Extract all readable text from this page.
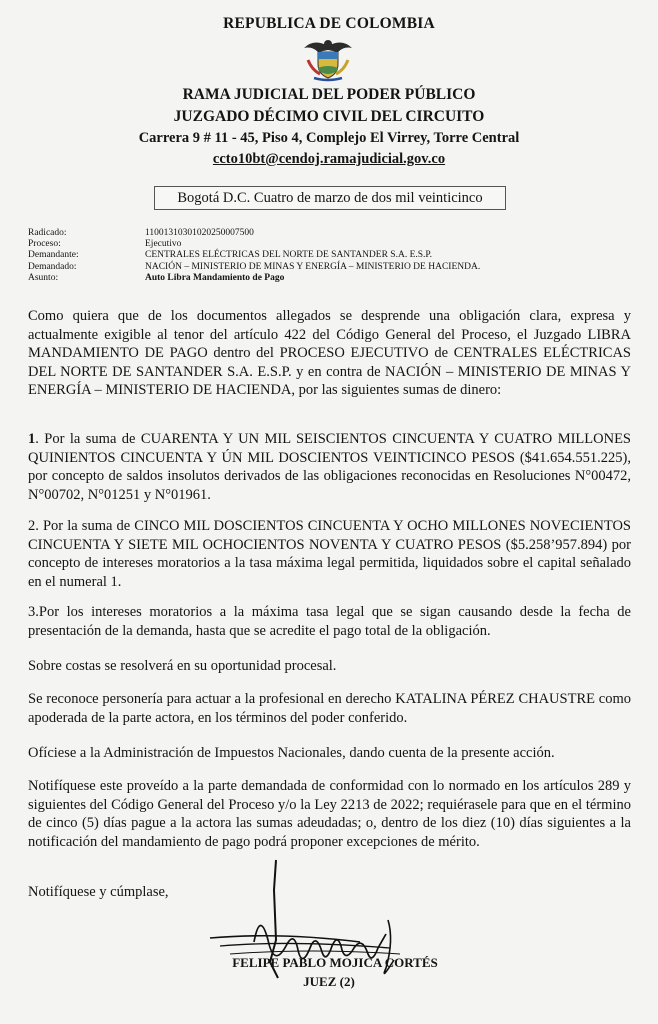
REPUBLICA DE COLOMBIA
RAMA JUDICIAL DEL PODER PÚBLICO
JUZGADO DÉCIMO CIVIL DEL CIRCUITO
Carrera 9 # 11 - 45, Piso 4, Complejo El Virrey, Torre Central
ccto10bt@cendoj.ramajudicial.gov.co
Bogotá D.C. Cuatro de marzo de dos mil veinticinco
Radicado:	11001310301020250007500
Proceso:	Ejecutivo
Demandante:	CENTRALES ELÉCTRICAS DEL NORTE DE SANTANDER S.A. E.S.P.
Demandado:	NACIÓN – MINISTERIO DE MINAS Y ENERGÍA – MINISTERIO DE HACIENDA.
Asunto:	Auto Libra Mandamiento de Pago
Como quiera que de los documentos allegados se desprende una obligación clara, expresa y actualmente exigible al tenor del artículo 422 del Código General del Proceso, el Juzgado LIBRA MANDAMIENTO DE PAGO dentro del PROCESO EJECUTIVO de CENTRALES ELÉCTRICAS DEL NORTE DE SANTANDER S.A. E.S.P. y en contra de NACIÓN – MINISTERIO DE MINAS Y ENERGÍA – MINISTERIO DE HACIENDA, por las siguientes sumas de dinero:
1. Por la suma de CUARENTA Y UN MIL SEISCIENTOS CINCUENTA Y CUATRO MILLONES QUINIENTOS CINCUENTA Y ÚN MIL DOSCIENTOS VEINTICINCO PESOS ($41.654.551.225), por concepto de saldos insolutos derivados de las obligaciones reconocidas en Resoluciones N°00472, N°00702, N°01251 y N°01961.
2. Por la suma de CINCO MIL DOSCIENTOS CINCUENTA Y OCHO MILLONES NOVECIENTOS CINCUENTA Y SIETE MIL OCHOCIENTOS NOVENTA Y CUATRO PESOS ($5.258’957.894) por concepto de intereses moratorios a la tasa máxima legal permitida, liquidados sobre el capital señalado en el numeral 1.
3.Por los intereses moratorios a la máxima tasa legal que se sigan causando desde la fecha de presentación de la demanda, hasta que se acredite el pago total de la obligación.
Sobre costas se resolverá en su oportunidad procesal.
Se reconoce personería para actuar a la profesional en derecho KATALINA PÉREZ CHAUSTRE como apoderada de la parte actora, en los términos del poder conferido.
Ofíciese a la Administración de Impuestos Nacionales, dando cuenta de la presente acción.
Notifíquese este proveído a la parte demandada de conformidad con lo normado en los artículos 289 y siguientes del Código General del Proceso y/o la Ley 2213 de 2022; requiérasele para que en el término de cinco (5) días pague a la actora las sumas adeudadas; o, dentro de los diez (10) días siguientes a la notificación del mandamiento de pago podrá proponer excepciones de mérito.
Notifíquese y cúmplase,
FELIPE PABLO MOJICA CORTÉS
JUEZ (2)
